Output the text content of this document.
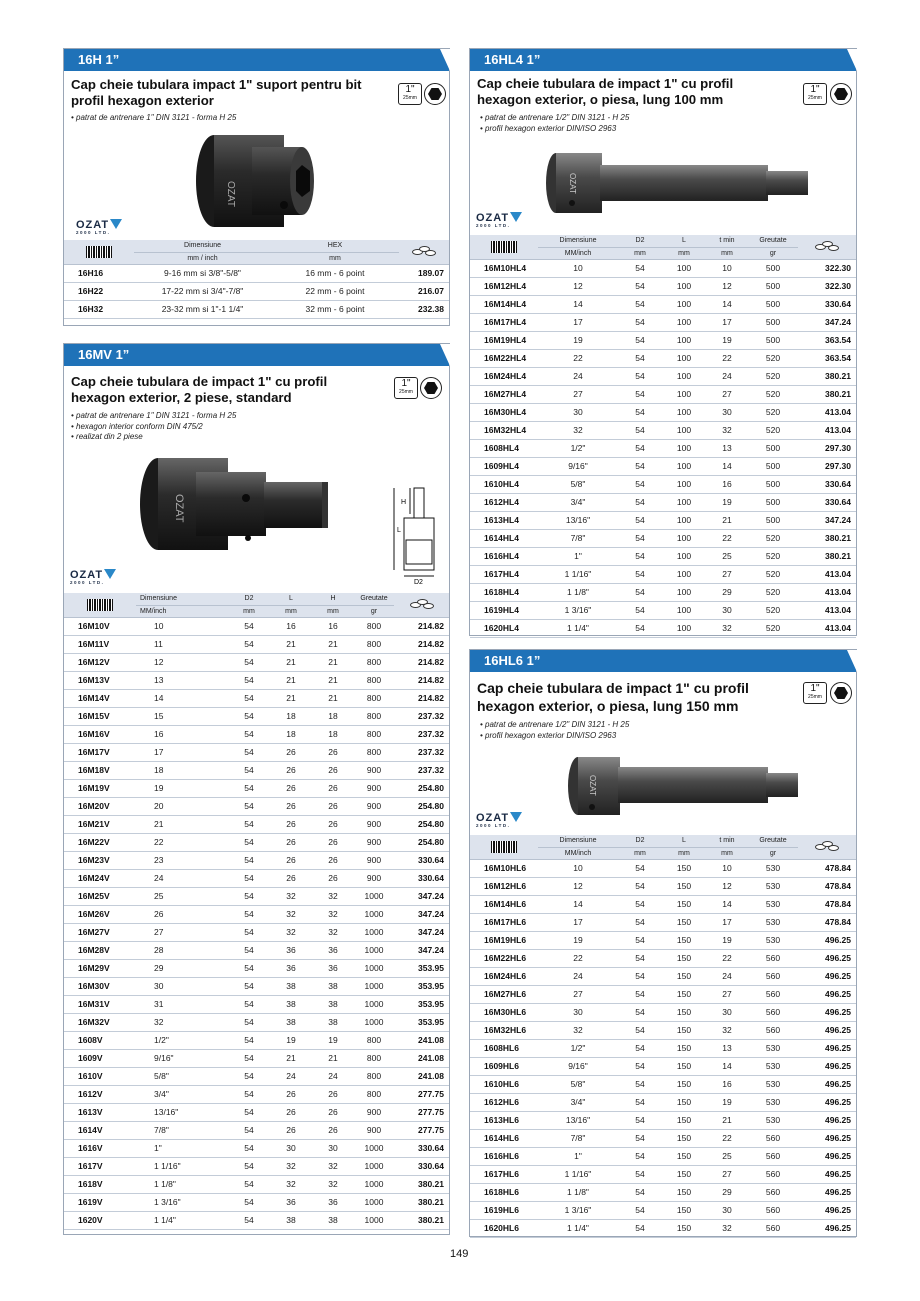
16H 1”
Cap cheie tubulara impact 1" suport pentru bit profil hexagon exterior
1"
25mm
• patrat de antrenare 1" DIN 3121 - forma H 25
OZAT
OZAT
2000 LTD.
	Dimensiune	HEX	

	mm / inch	mm	
16H16	9-16 mm si 3/8"-5/8"	16 mm - 6 point	189.07
16H22	17-22 mm si 3/4"-7/8"	22 mm - 6 point	216.07
16H32	23-32 mm si 1"-1 1/4"	32 mm - 6 point	232.38
16MV 1”
Cap cheie tubulara de impact 1" cu profil hexagon exterior, 2 piese, standard
1"
25mm
• patrat de antrenare 1" DIN 3121 - forma H 25
• hexagon interior conform DIN 475/2
• realizat din 2 piese
OZAT
L
H
D2
OZAT
2000 LTD.
	Dimensiune	D2	L	H	Greutate	

	MM/inch	mm	mm	mm	gr	
16M10V	10	54	16	16	800	214.82
16M11V	11	54	21	21	800	214.82
16M12V	12	54	21	21	800	214.82
16M13V	13	54	21	21	800	214.82
16M14V	14	54	21	21	800	214.82
16M15V	15	54	18	18	800	237.32
16M16V	16	54	18	18	800	237.32
16M17V	17	54	26	26	800	237.32
16M18V	18	54	26	26	900	237.32
16M19V	19	54	26	26	900	254.80
16M20V	20	54	26	26	900	254.80
16M21V	21	54	26	26	900	254.80
16M22V	22	54	26	26	900	254.80
16M23V	23	54	26	26	900	330.64
16M24V	24	54	26	26	900	330.64
16M25V	25	54	32	32	1000	347.24
16M26V	26	54	32	32	1000	347.24
16M27V	27	54	32	32	1000	347.24
16M28V	28	54	36	36	1000	347.24
16M29V	29	54	36	36	1000	353.95
16M30V	30	54	38	38	1000	353.95
16M31V	31	54	38	38	1000	353.95
16M32V	32	54	38	38	1000	353.95
1608V	1/2"	54	19	19	800	241.08
1609V	9/16"	54	21	21	800	241.08
1610V	5/8"	54	24	24	800	241.08
1612V	3/4"	54	26	26	800	277.75
1613V	13/16"	54	26	26	900	277.75
1614V	7/8"	54	26	26	900	277.75
1616V	1"	54	30	30	1000	330.64
1617V	1 1/16"	54	32	32	1000	330.64
1618V	1 1/8"	54	32	32	1000	380.21
1619V	1 3/16"	54	36	36	1000	380.21
1620V	1 1/4"	54	38	38	1000	380.21
16HL4 1”
Cap cheie tubulara de impact 1" cu profil hexagon exterior, o piesa, lung 100 mm
1"
25mm
• patrat de antrenare 1/2" DIN 3121 - H 25
• profil hexagon exterior DIN/ISO 2963
OZAT
OZAT
2000 LTD.
	Dimensiune	D2	L	t min	Greutate	

	MM/inch	mm	mm	mm	gr	
16M10HL4	10	54	100	10	500	322.30
16M12HL4	12	54	100	12	500	322.30
16M14HL4	14	54	100	14	500	330.64
16M17HL4	17	54	100	17	500	347.24
16M19HL4	19	54	100	19	500	363.54
16M22HL4	22	54	100	22	520	363.54
16M24HL4	24	54	100	24	520	380.21
16M27HL4	27	54	100	27	520	380.21
16M30HL4	30	54	100	30	520	413.04
16M32HL4	32	54	100	32	520	413.04
1608HL4	1/2"	54	100	13	500	297.30
1609HL4	9/16"	54	100	14	500	297.30
1610HL4	5/8"	54	100	16	500	330.64
1612HL4	3/4"	54	100	19	500	330.64
1613HL4	13/16"	54	100	21	500	347.24
1614HL4	7/8"	54	100	22	520	380.21
1616HL4	1"	54	100	25	520	380.21
1617HL4	1 1/16"	54	100	27	520	413.04
1618HL4	1 1/8"	54	100	29	520	413.04
1619HL4	1 3/16"	54	100	30	520	413.04
1620HL4	1 1/4"	54	100	32	520	413.04
16HL6 1”
Cap cheie tubulara de impact 1" cu profil hexagon exterior, o piesa, lung 150 mm
1"
25mm
• patrat de antrenare 1/2" DIN 3121 - H 25
• profil hexagon exterior DIN/ISO 2963
OZAT
OZAT
2000 LTD.
	Dimensiune	D2	L	t min	Greutate	

	MM/inch	mm	mm	mm	gr	
16M10HL6	10	54	150	10	530	478.84
16M12HL6	12	54	150	12	530	478.84
16M14HL6	14	54	150	14	530	478.84
16M17HL6	17	54	150	17	530	478.84
16M19HL6	19	54	150	19	530	496.25
16M22HL6	22	54	150	22	560	496.25
16M24HL6	24	54	150	24	560	496.25
16M27HL6	27	54	150	27	560	496.25
16M30HL6	30	54	150	30	560	496.25
16M32HL6	32	54	150	32	560	496.25
1608HL6	1/2"	54	150	13	530	496.25
1609HL6	9/16"	54	150	14	530	496.25
1610HL6	5/8"	54	150	16	530	496.25
1612HL6	3/4"	54	150	19	530	496.25
1613HL6	13/16"	54	150	21	530	496.25
1614HL6	7/8"	54	150	22	560	496.25
1616HL6	1"	54	150	25	560	496.25
1617HL6	1 1/16"	54	150	27	560	496.25
1618HL6	1 1/8"	54	150	29	560	496.25
1619HL6	1 3/16"	54	150	30	560	496.25
1620HL6	1 1/4"	54	150	32	560	496.25
149
